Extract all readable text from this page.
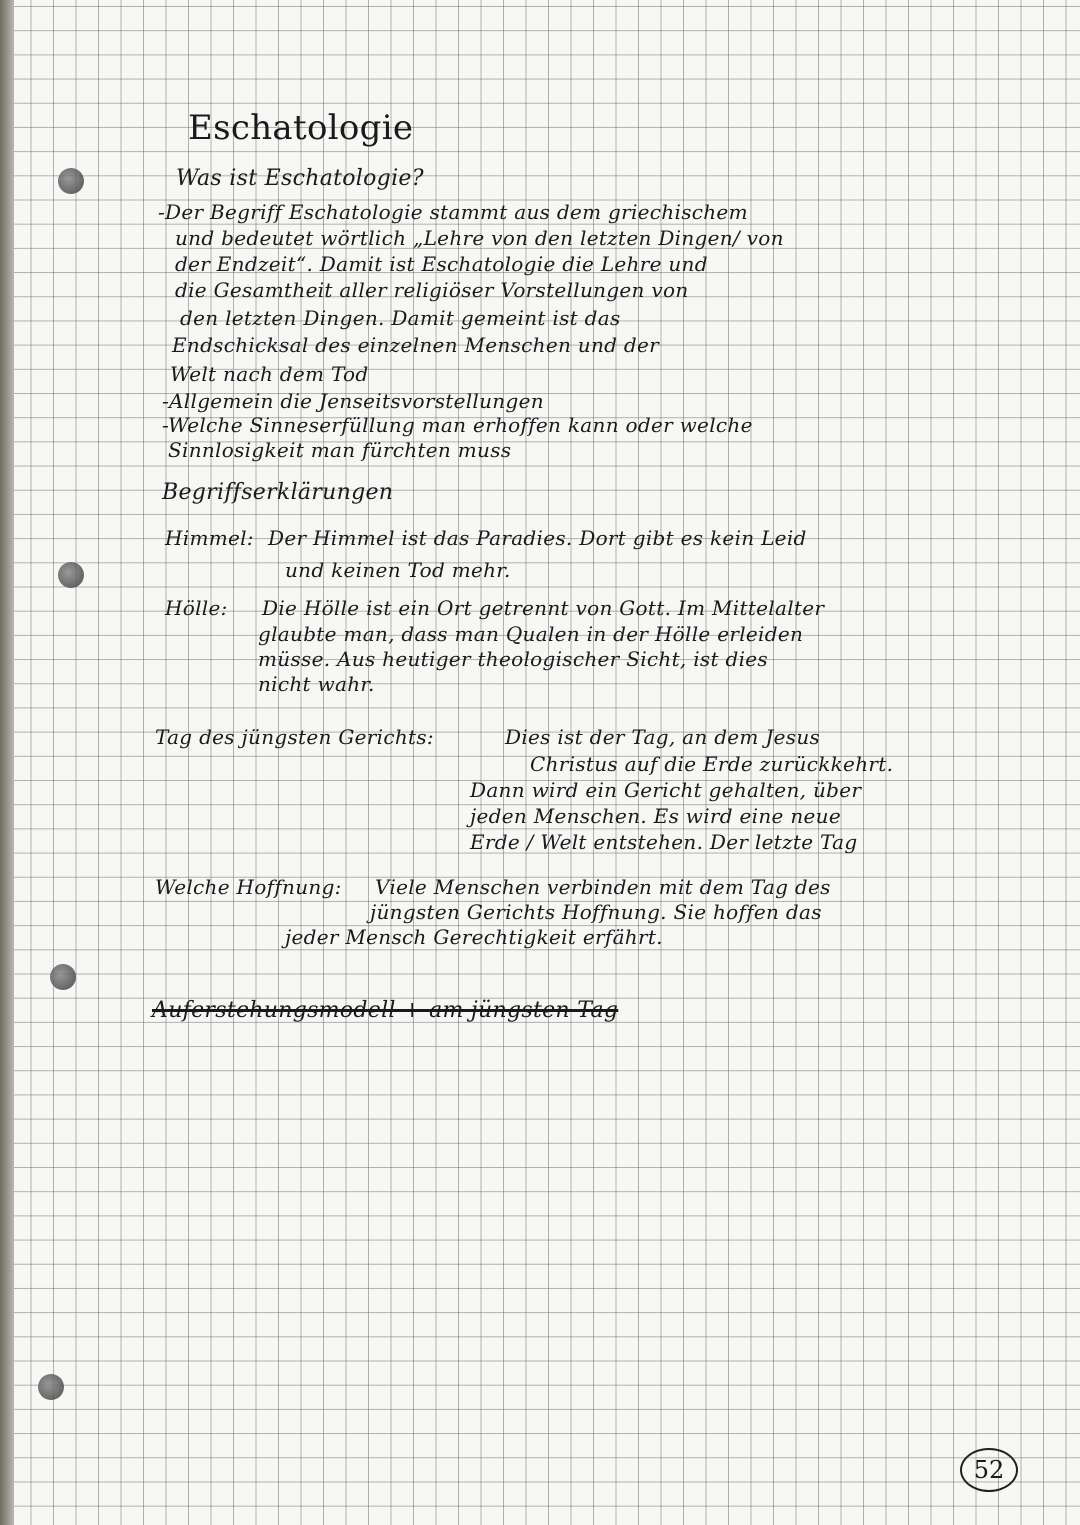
Eschatologie
Was ist Eschatologie?
-Der Begriff Eschatologie stammt aus dem griechischem
und bedeutet wörtlich „Lehre von den letzten Dingen/ von
der Endzeit“. Damit ist Eschatologie die Lehre und
die Gesamtheit aller religiöser Vorstellungen von
den letzten Dingen. Damit gemeint ist das
Endschicksal des einzelnen Menschen und der
Welt nach dem Tod
-Allgemein die Jenseitsvorstellungen
-Welche Sinneserfüllung man erhoffen kann oder welche
Sinnlosigkeit man fürchten muss
Begriffserklärungen
Himmel: Der Himmel ist das Paradies. Dort gibt es kein Leid
und keinen Tod mehr.
Hölle: Die Hölle ist ein Ort getrennt von Gott. Im Mittelalter
glaubte man, dass man Qualen in der Hölle erleiden
müsse. Aus heutiger theologischer Sicht, ist dies
nicht wahr.
Tag des jüngsten Gerichts:	Dies ist der Tag, an dem Jesus
Christus auf die Erde zurückkehrt.
Dann wird ein Gericht gehalten, über
jeden Menschen. Es wird eine neue
Erde / Welt entstehen. Der letzte Tag
Welche Hoffnung: Viele Menschen verbinden mit dem Tag des
jüngsten Gerichts Hoffnung. Sie hoffen das
jeder Mensch Gerechtigkeit erfährt.
Auferstehungsmodell + am jüngsten Tag
52
